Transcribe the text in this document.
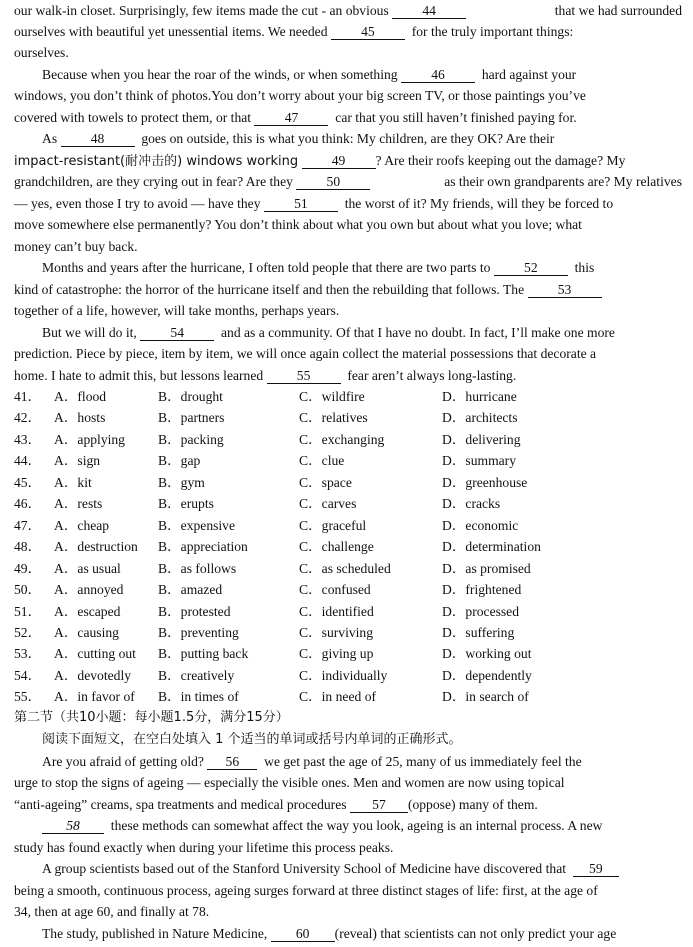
our walk-in closet. Surprisingly, few items made the cut - an obvious 44	that we had surrounded
ourselves with beautiful yet unessential items. We needed 45	for the truly important things:
ourselves.
Because when you hear the roar of the winds, or when something 46	hard against your
windows, you don’t think of photos.You don’t worry about your big screen TV, or those paintings you’ve
covered with towels to protect them, or that 47	car that you still haven’t finished paying for.
As 48	goes on outside, this is what you think: My children, are they OK? Are their
impact-resistant(耐冲击的) windows working 49 ? Are their roofs keeping out the damage? My
grandchildren, are they crying out in fear? Are they 50	as their own grandparents are? My relatives
— yes, even those I try to avoid — have they 51	the worst of it? My friends, will they be forced to
move somewhere else permanently? You don’t think about what you own but about what you love; what
money can’t buy back.
Months and years after the hurricane, I often told people that there are two parts to 52	this
kind of catastrophe: the horror of the hurricane itself and then the rebuilding that follows. The 53
together of a life, however, will take months, perhaps years.
But we will do it, 54	and as a community. Of that I have no doubt. In fact, I’ll make one more
prediction. Piece by piece, item by item, we will once again collect the material possessions that decorate a
home. I hate to admit this, but lessons learned 55	fear aren’t always long-lasting.
41． A．flood	B．drought	C．wildfire	D．hurricane
42． A．hosts	B．partners	C．relatives	D．architects
43． A．applying B．packing	C．exchanging	D．delivering
44． A．sign	B．gap	C．clue	D．summary
45． A．kit	B．gym	C．space	D．greenhouse
46． A．rests	B．erupts	C．carves	D．cracks
47． A．cheap	B．expensive	C．graceful	D．economic
48． A．destruction B．appreciation	C．challenge	D．determination
49． A．as usual	B．as follows	C．as scheduled	D．as promised
50． A．annoyed	B．amazed	C．confused	D．frightened
51． A．escaped	B．protested	C．identified	D．processed
52． A．causing	B．preventing	C．surviving	D．suffering
53． A．cutting out B．putting back	C．giving up	D．working out
54． A．devotedly B．creatively	C．individually	D．dependently
55． A．in favor of B．in times of	C．in need of	D．in search of
第二节（共10小题：每小题1.5分，满分15分）
阅读下面短文，在空白处填入 1 个适当的单词或括号内单词的正确形式。
Are you afraid of getting old? 56 we get past the age of 25, many of us immediately feel the
urge to stop the signs of ageing — especially the visible ones. Men and women are now using topical
“anti-ageing” creams, spa treatments and medical procedures 57 (oppose) many of them.
58 these methods can somewhat affect the way you look, ageing is an internal process. A new
study has found exactly when during your lifetime this process peaks.
A group scientists based out of the Stanford University School of Medicine have discovered that 59
being a smooth, continuous process, ageing surges forward at three distinct stages of life: first, at the age of
34, then at age 60, and finally at 78.
The study, published in Nature Medicine, 60 (reveal) that scientists can not only predict your age
